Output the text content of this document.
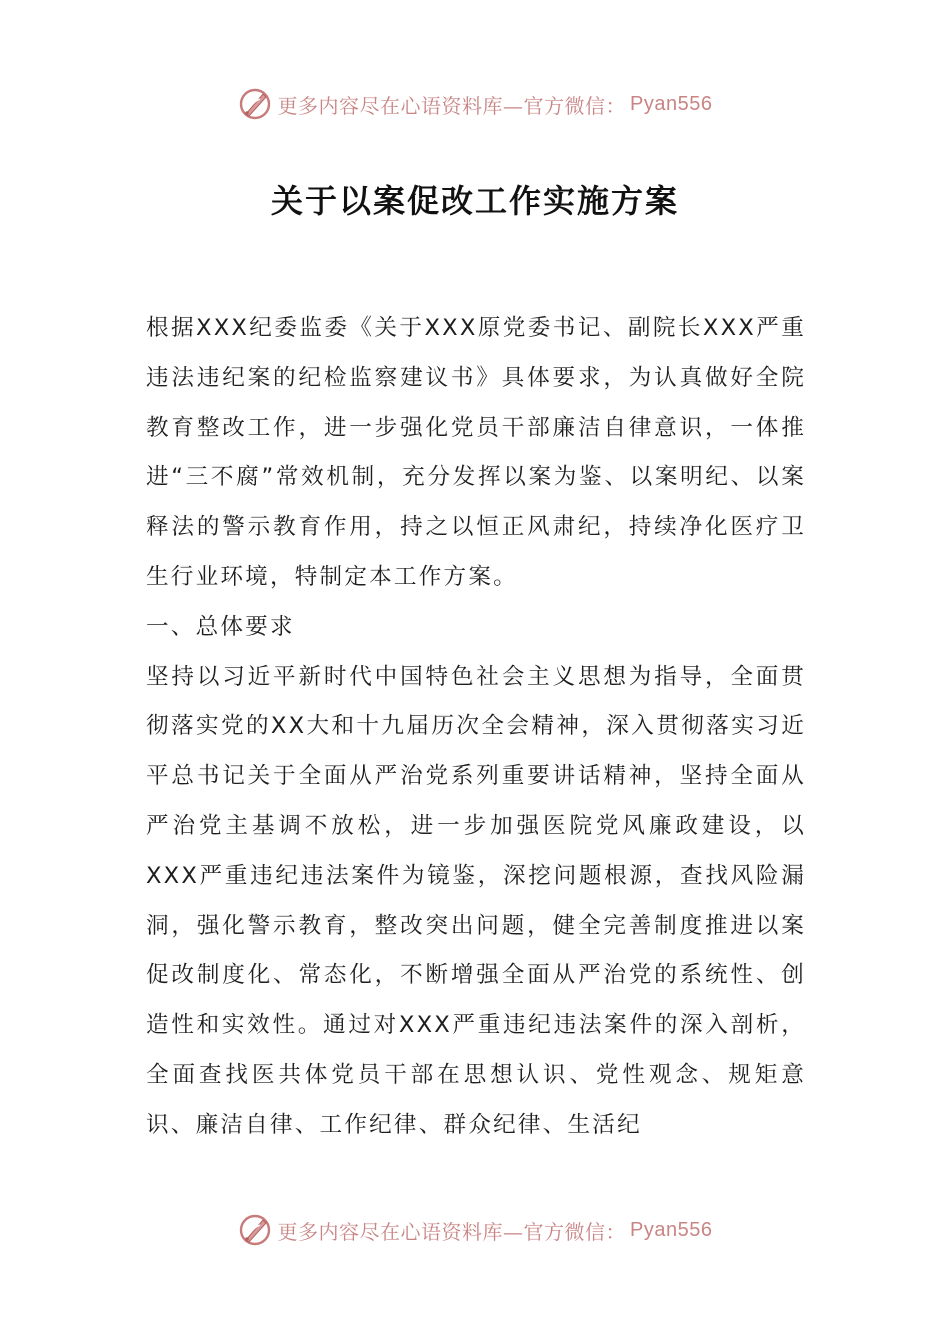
更多内容尽在心语资料库—官方微信： Pyan556
关于以案促改工作实施方案

根据XXX纪委监委《关于XXX原党委书记、副院长XXX严重违法违纪案的纪检监察建议书》具体要求，为认真做好全院教育整改工作，进一步强化党员干部廉洁自律意识，一体推进“三不腐”常效机制，充分发挥以案为鉴、以案明纪、以案释法的警示教育作用，持之以恒正风肃纪，持续净化医疗卫生行业环境，特制定本工作方案。

一、总体要求

坚持以习近平新时代中国特色社会主义思想为指导，全面贯彻落实党的XX大和十九届历次全会精神，深入贯彻落实习近平总书记关于全面从严治党系列重要讲话精神，坚持全面从严治党主基调不放松，进一步加强医院党风廉政建设，以XXX严重违纪违法案件为镜鉴，深挖问题根源，查找风险漏洞，强化警示教育，整改突出问题，健全完善制度推进以案促改制度化、常态化，不断增强全面从严治党的系统性、创造性和实效性。通过对XXX严重违纪违法案件的深入剖析，全面查找医共体党员干部在思想认识、党性观念、规矩意识、廉洁自律、工作纪律、群众纪律、生活纪

更多内容尽在心语资料库—官方微信： Pyan556
